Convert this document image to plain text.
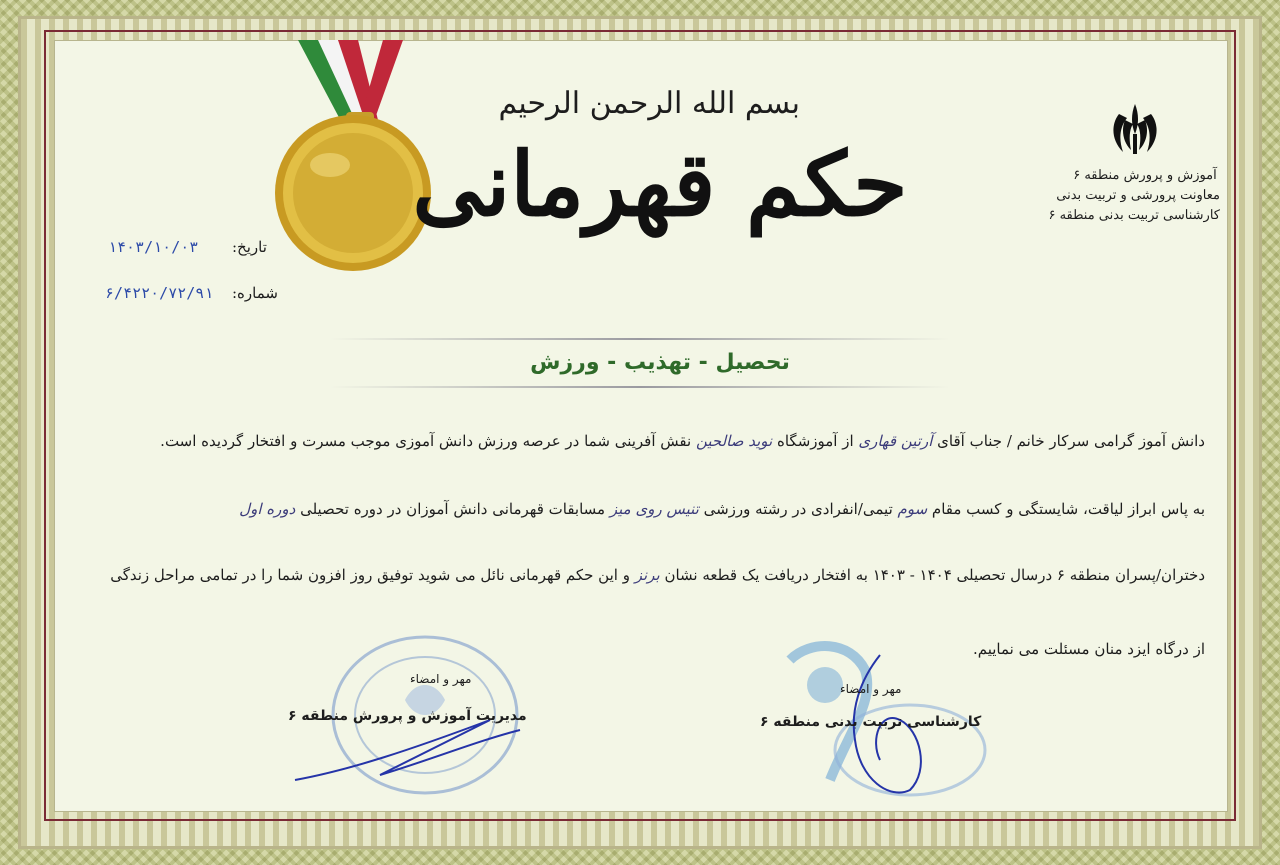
بسم الله الرحمن الرحیم
حکم قهرمانی
تحصیل - تهذیب - ورزش
آموزش و پرورش منطقه ۶
معاونت پرورشی و تربیت بدنی
کارشناسی تربیت بدنی منطقه ۶
تاریخ:
۱۴۰۳/۱۰/۰۳
شماره:
۶/۴۲۲۰/۷۲/۹۱
دانش آموز گرامی سرکار خانم / جناب آقای آرتین قهاری از آموزشگاه نوید صالحین نقش آفرینی شما در عرصه ورزش دانش آموزی موجب مسرت و افتخار گردیده است.
به پاس ابراز لیاقت، شایستگی و کسب مقام سوم تیمی/انفرادی در رشته ورزشی تنیس روی میز مسابقات قهرمانی دانش آموزان در دوره تحصیلی دوره اول
دختران/پسران منطقه ۶ درسال تحصیلی ۱۴۰۴ - ۱۴۰۳ به افتخار دریافت یک قطعه نشان برنز و این حکم قهرمانی نائل می شوید توفیق روز افزون شما را در تمامی مراحل زندگی
از درگاه ایزد منان مسئلت می نماییم.
مهر و امضاء
مدیریت آموزش و پرورش منطقه ۶
مهر و امضاء
کارشناسی تربیت بدنی منطقه ۶
